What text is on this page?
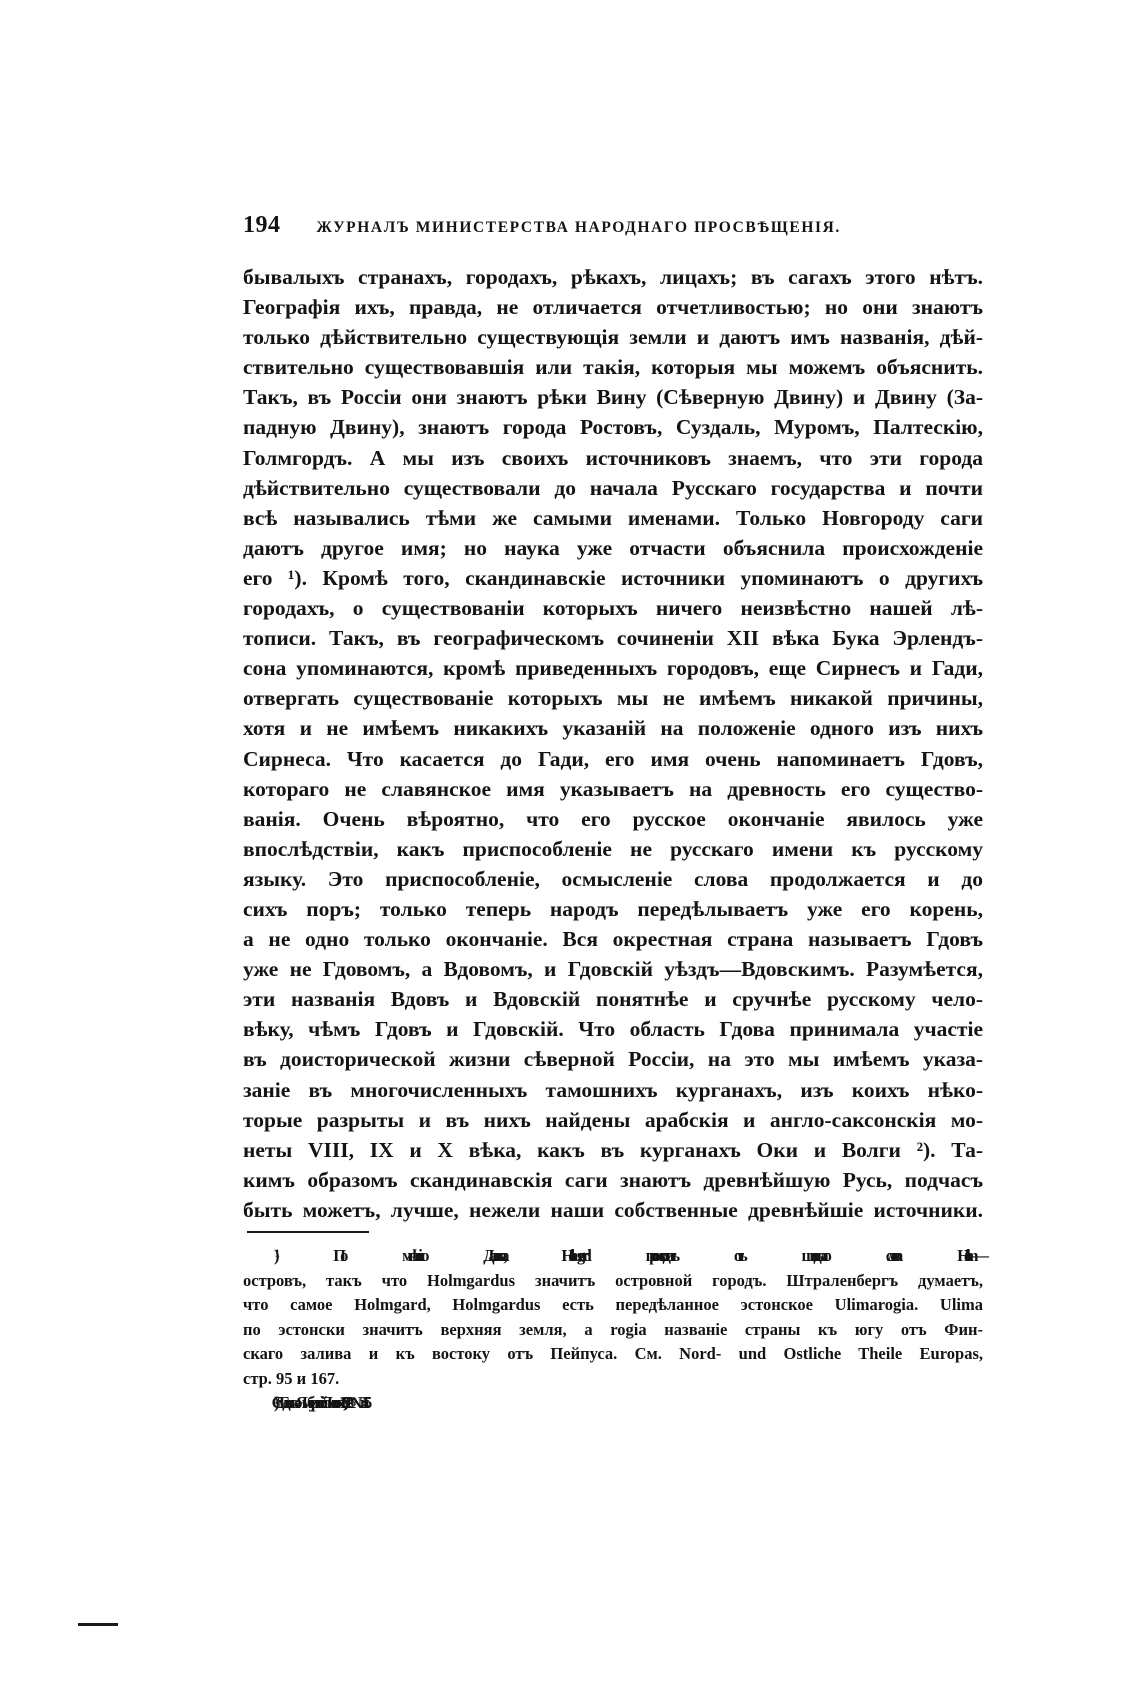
194 ЖУРНАЛЪ МИНИСТЕРСТВА НАРОДНАГО ПРОСВѢЩЕНІЯ.
бывалыхъ странахъ, городахъ, рѣкахъ, лицахъ; въ сагахъ этого нѣтъ.
Географія ихъ, правда, не отличается отчетливостью; но они знаютъ
только дѣйствительно существующія земли и даютъ имъ названія, дѣй-
ствительно существовавшія или такія, которыя мы можемъ объяснить.
Такъ, въ Россіи они знаютъ рѣки Вину (Сѣверную Двину) и Двину (За-
падную Двину), знаютъ города Ростовъ, Суздаль, Муромъ, Палтескію,
Голмгордъ. А мы изъ своихъ источниковъ знаемъ, что эти города
дѣйствительно существовали до начала Русскаго государства и почти
всѣ назывались тѣми же самыми именами. Только Новгороду саги
даютъ другое имя; но наука уже отчасти объяснила происхожденіе
его ¹). Кромѣ того, скандинавскіе источники упоминаютъ о другихъ
городахъ, о существованіи которыхъ ничего неизвѣстно нашей лѣ-
тописи. Такъ, въ географическомъ сочиненіи XII вѣка Бука Эрлендъ-
сона упоминаются, кромѣ приведенныхъ городовъ, еще Сирнесъ и Гади,
отвергать существованіе которыхъ мы не имѣемъ никакой причины,
хотя и не имѣемъ никакихъ указаній на положеніе одного изъ нихъ
Сирнеса. Что касается до Гади, его имя очень напоминаетъ Гдовъ,
котораго не славянское имя указываетъ на древность его существо-
ванія. Очень вѣроятно, что его русское окончаніе явилось уже
впослѣдствіи, какъ приспособленіе не русскаго имени къ русскому
языку. Это приспособленіе, осмысленіе слова продолжается и до
сихъ поръ; только теперь народъ передѣлываетъ уже его корень,
а не одно только окончаніе. Вся окрестная страна называетъ Гдовъ
уже не Гдовомъ, а Вдовомъ, и Гдовскій уѣздъ—Вдовскимъ. Разумѣется,
эти названія Вдовъ и Вдовскій понятнѣе и сручнѣе русскому чело-
вѣку, чѣмъ Гдовъ и Гдовскій. Что область Гдова принимала участіе
въ доисторической жизни сѣверной Россіи, на это мы имѣемъ указа-
заніе въ многочисленныхъ тамошнихъ курганахъ, изъ коихъ нѣко-
торые разрыты и въ нихъ найдены арабскія и англо-саксонскія мо-
неты VIII, IX и X вѣка, какъ въ курганахъ Оки и Волги ²). Та-
кимъ образомъ скандинавскія саги знаютъ древнѣйшую Русь, подчасъ
быть можетъ, лучше, нежели наши собственные древнѣйшіе источники.
¹) По мнѣнію Далина, Holmgard происходитъ отъ шведскаго слова Holm—
островъ, такъ что Holmgardus значитъ островной городъ. Штраленбергъ думаетъ,
что самое Holmgard, Holmgardus есть передѣланное эстонское Ulimarogia. Ulima
по эстонски значитъ верхняя земля, а rogia названіе страны къ югу отъ Фин-
скаго залива и къ востоку отъ Пейпуса. См. Nord- und Ostliche Theile Europas,
стр. 95 и 167.
²) См. Гдовско-Ямбургскій Листокъ, 1872 г., №№ 3 и 15.
